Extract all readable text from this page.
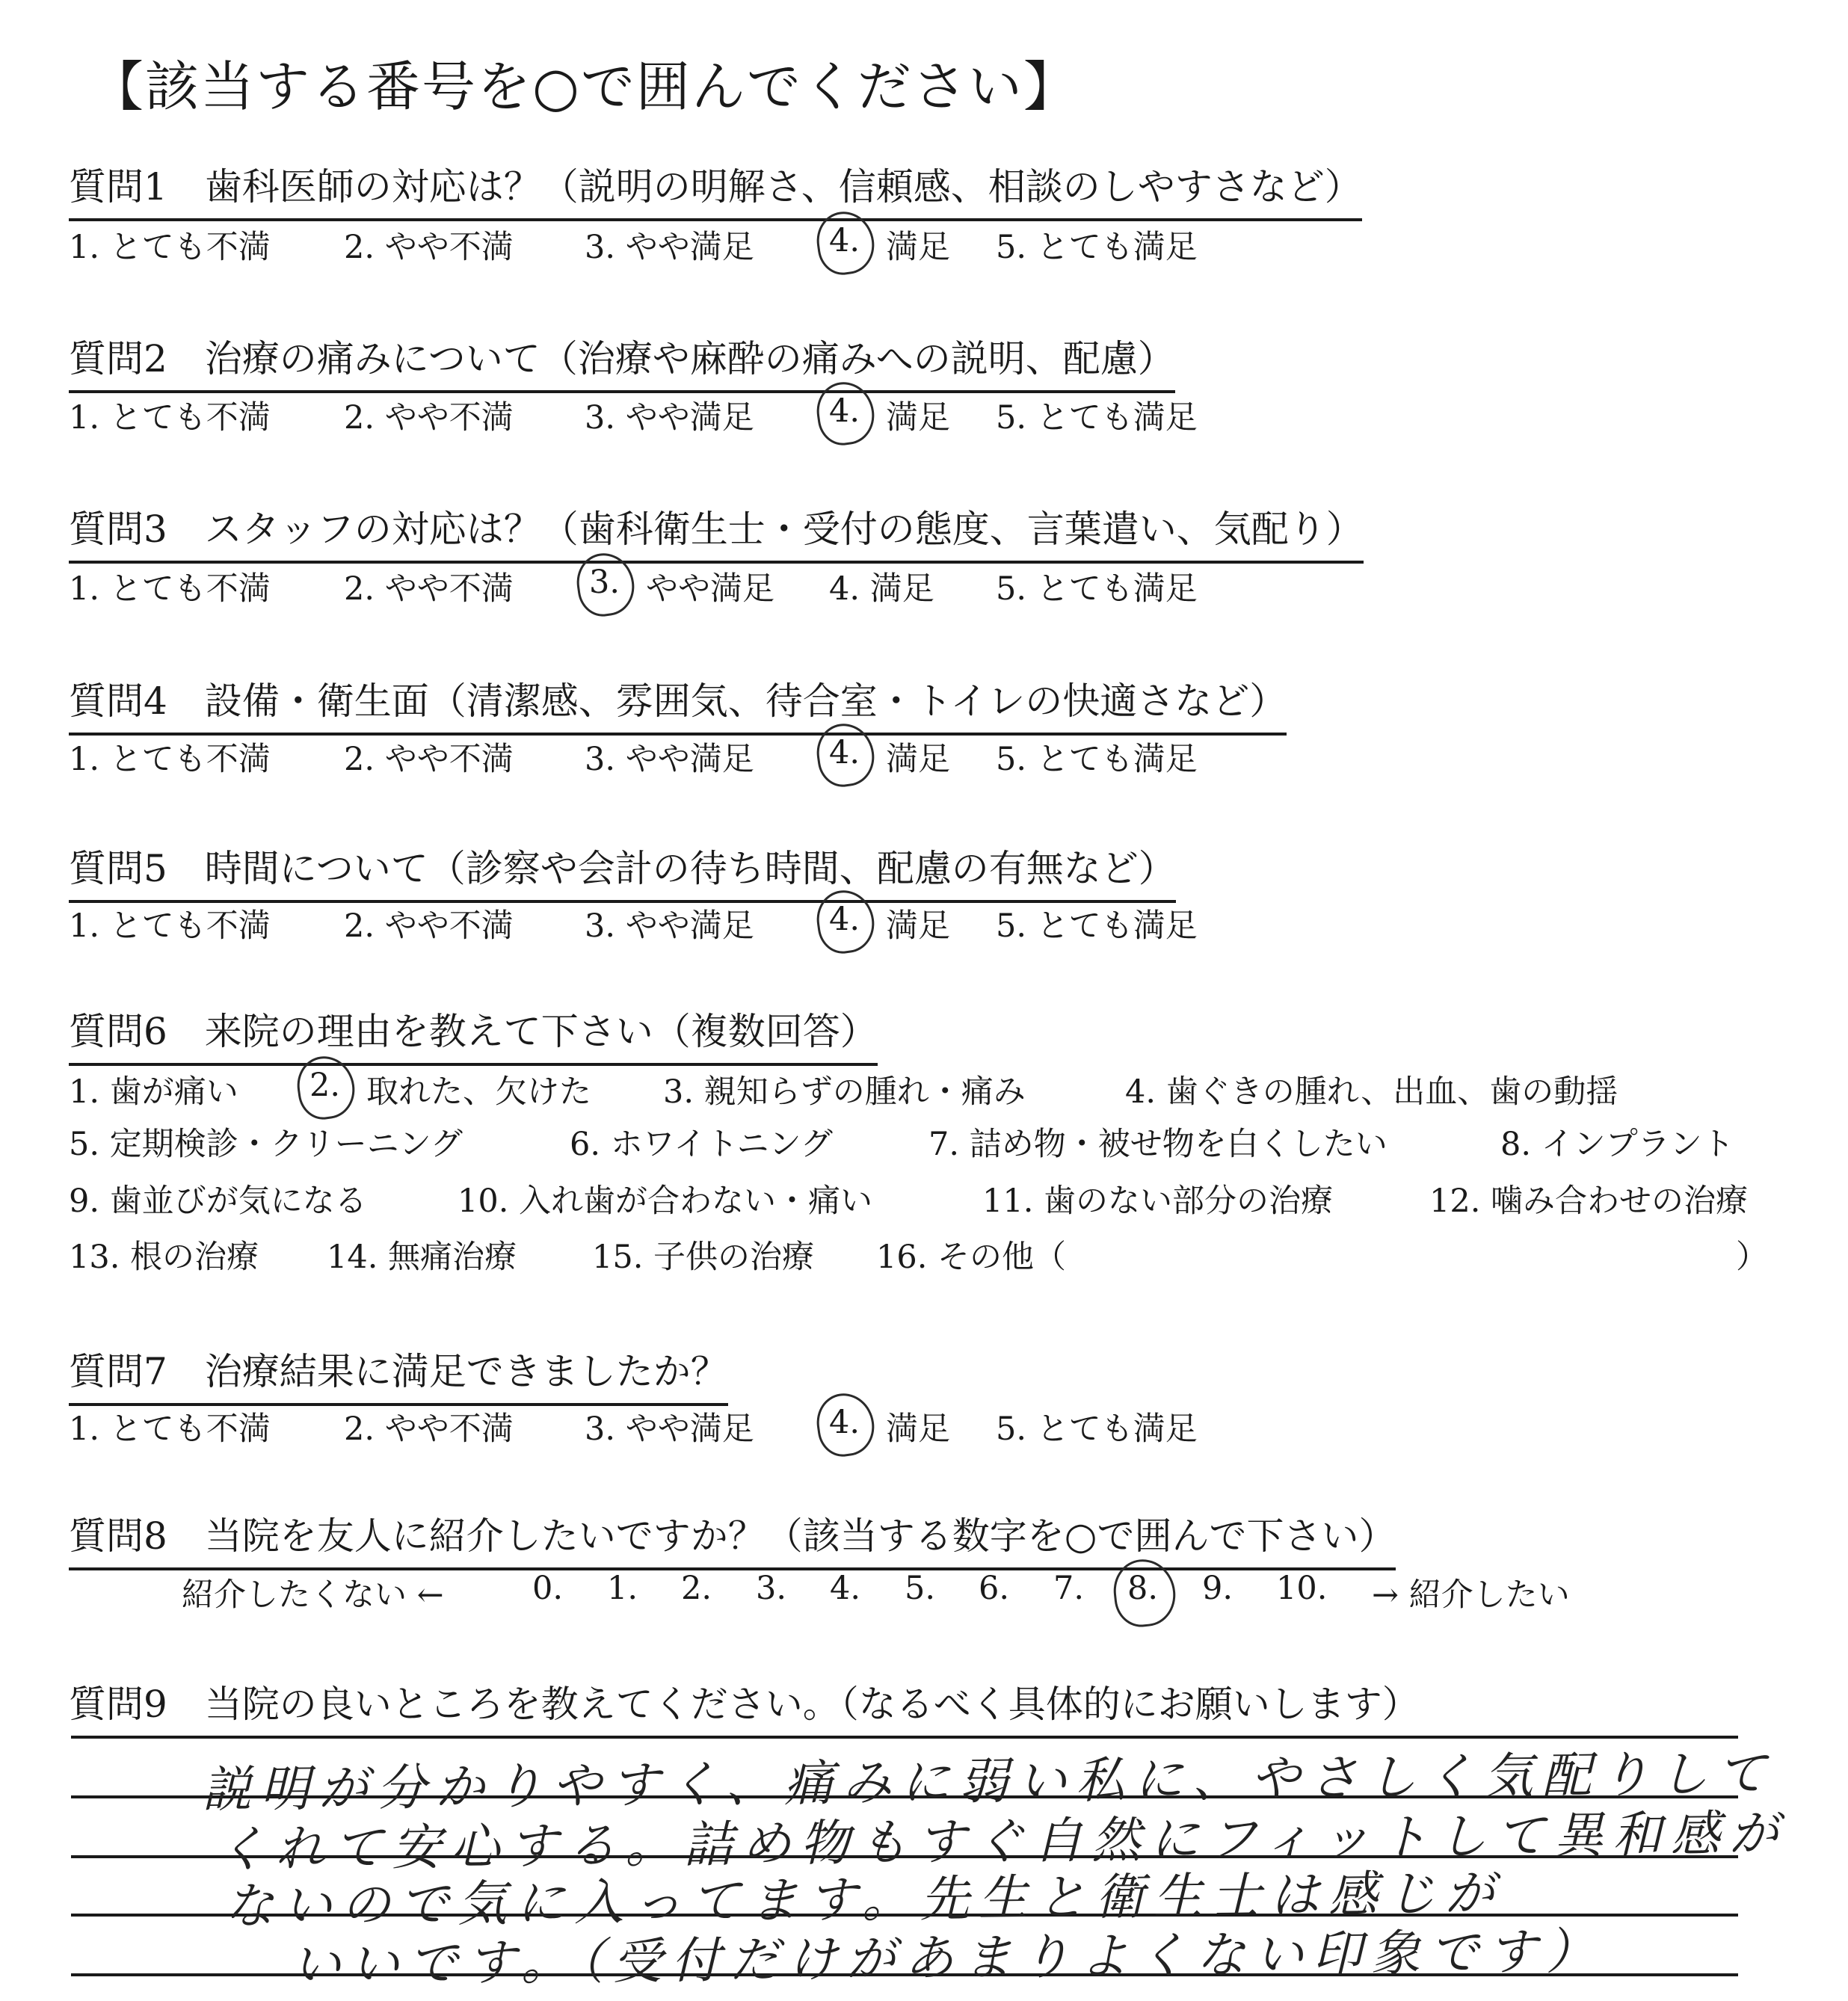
【該当する番号を○で囲んでください】
質問1　歯科医師の対応は？（説明の明解さ、信頼感、相談のしやすさなど）
1. とても不満 2. やや不満 3. やや満足 4. 満足 5. とても満足
質問2　治療の痛みについて（治療や麻酔の痛みへの説明、配慮）
1. とても不満 2. やや不満 3. やや満足 4. 満足 5. とても満足
質問3　スタッフの対応は？（歯科衛生士・受付の態度、言葉遣い、気配り）
1. とても不満 2. やや不満 3. やや満足 4. 満足 5. とても満足
質問4　設備・衛生面（清潔感、雰囲気、待合室・トイレの快適さなど）
1. とても不満 2. やや不満 3. やや満足 4. 満足 5. とても満足
質問5　時間について（診察や会計の待ち時間、配慮の有無など）
1. とても不満 2. やや不満 3. やや満足 4. 満足 5. とても満足
質問6　来院の理由を教えて下さい（複数回答）
1. 歯が痛い 2. 取れた、欠けた 3. 親知らずの腫れ・痛み	4. 歯ぐきの腫れ、出血、歯の動揺
5. 定期検診・クリーニング	6. ホワイトニング	7. 詰め物・被せ物を白くしたい	8. インプラント
9. 歯並びが気になる	10. 入れ歯が合わない・痛い	11. 歯のない部分の治療	12. 噛み合わせの治療
13. 根の治療 14. 無痛治療 15. 子供の治療 16. その他（	）
質問7　治療結果に満足できましたか？
1. とても不満 2. やや不満 3. やや満足 4. 満足 5. とても満足
質問8　当院を友人に紹介したいですか？（該当する数字を○で囲んで下さい）
紹介したくない ←	0. 1. 2. 3. 4. 5. 6. 7. 8. 9. 10. → 紹介したい
質問9　当院の良いところを教えてください。（なるべく具体的にお願いします）
説明が分かりやすく、痛みに弱い私に、やさしく気配りして
くれて安心する。詰め物もすぐ自然にフィットして異和感が
ないので気に入ってます。先生と衛生士は感じが
いいです。（受付だけがあまりよくない印象です）
